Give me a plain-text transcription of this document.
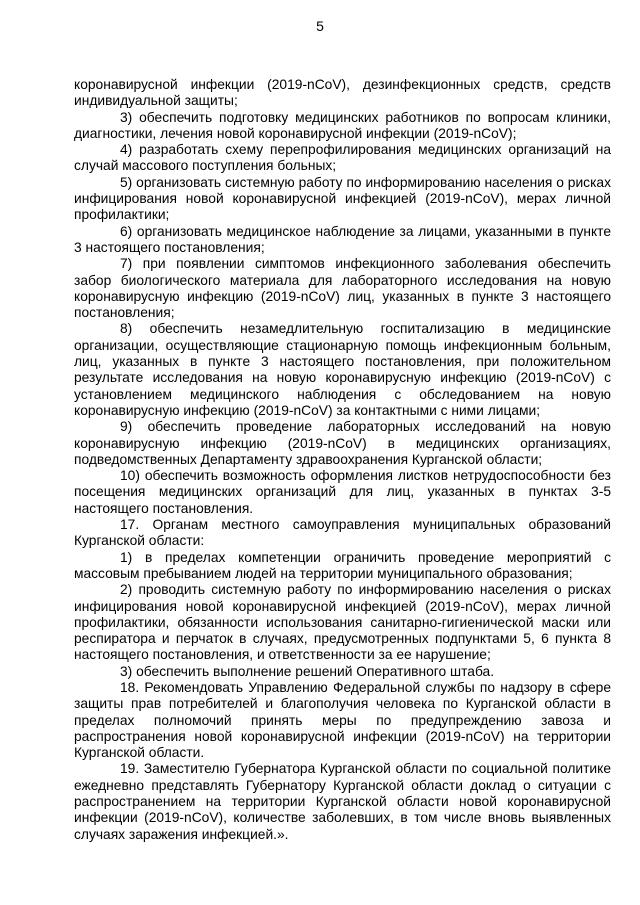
5

коронавирусной инфекции (2019-nCoV), дезинфекционных средств, средств индивидуальной защиты;

3) обеспечить подготовку медицинских работников по вопросам клиники, диагностики, лечения новой коронавирусной инфекции (2019-nCoV);

4) разработать схему перепрофилирования медицинских организаций на случай массового поступления больных;

5) организовать системную работу по информированию населения о рисках инфицирования новой коронавирусной инфекцией (2019-nCoV), мерах личной профилактики;

6) организовать медицинское наблюдение за лицами, указанными в пункте 3 настоящего постановления;

7) при появлении симптомов инфекционного заболевания обеспечить забор биологического материала для лабораторного исследования на новую коронавирусную инфекцию (2019-nCoV) лиц, указанных в пункте 3 настоящего постановления;

8) обеспечить незамедлительную госпитализацию в медицинские организации, осуществляющие стационарную помощь инфекционным больным, лиц, указанных в пункте 3 настоящего постановления, при положительном результате исследования на новую коронавирусную инфекцию (2019-nCoV) с установлением медицинского наблюдения с обследованием на новую коронавирусную инфекцию (2019-nCoV) за контактными с ними лицами;

9) обеспечить проведение лабораторных исследований на новую коронавирусную инфекцию (2019-nCoV) в медицинских организациях, подведомственных Департаменту здравоохранения Курганской области;

10) обеспечить возможность оформления листков нетрудоспособности без посещения медицинских организаций для лиц, указанных в пунктах 3-5 настоящего постановления.

17. Органам местного самоуправления муниципальных образований Курганской области:

1) в пределах компетенции ограничить проведение мероприятий с массовым пребыванием людей на территории муниципального образования;

2) проводить системную работу по информированию населения о рисках инфицирования новой коронавирусной инфекцией (2019-nCoV), мерах личной профилактики, обязанности использования санитарно-гигиенической маски или респиратора и перчаток в случаях, предусмотренных подпунктами 5, 6 пункта 8 настоящего постановления, и ответственности за ее нарушение;

3) обеспечить выполнение решений Оперативного штаба.

18. Рекомендовать Управлению Федеральной службы по надзору в сфере защиты прав потребителей и благополучия человека по Курганской области в пределах полномочий принять меры по предупреждению завоза и распространения новой коронавирусной инфекции (2019-nCoV) на территории Курганской области.

19. Заместителю Губернатора Курганской области по социальной политике ежедневно представлять Губернатору Курганской области доклад о ситуации с распространением на территории Курганской области новой коронавирусной инфекции (2019-nCoV), количестве заболевших, в том числе вновь выявленных случаях заражения инфекцией.».
